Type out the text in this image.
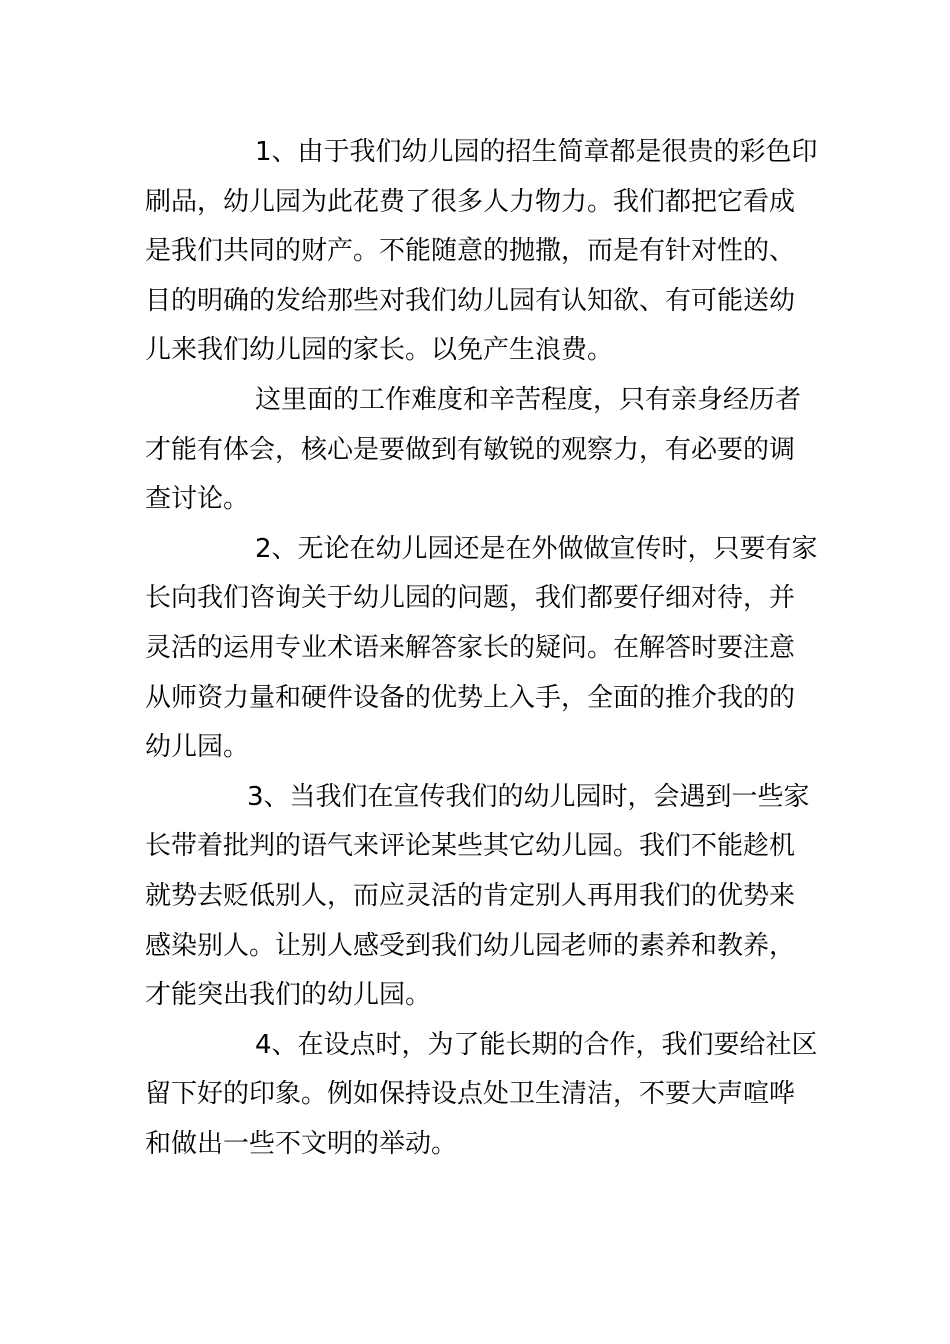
1、由于我们幼儿园的招生简章都是很贵的彩色印
刷品，幼儿园为此花费了很多人力物力。我们都把它看成
是我们共同的财产。不能随意的抛撒，而是有针对性的、
目的明确的发给那些对我们幼儿园有认知欲、有可能送幼
儿来我们幼儿园的家长。以免产生浪费。
这里面的工作难度和辛苦程度，只有亲身经历者
才能有体会，核心是要做到有敏锐的观察力，有必要的调
查讨论。
2、无论在幼儿园还是在外做做宣传时，只要有家
长向我们咨询关于幼儿园的问题，我们都要仔细对待，并
灵活的运用专业术语来解答家长的疑问。在解答时要注意
从师资力量和硬件设备的优势上入手，全面的推介我的的
幼儿园。
3、当我们在宣传我们的幼儿园时，会遇到一些家
长带着批判的语气来评论某些其它幼儿园。我们不能趁机
就势去贬低别人，而应灵活的肯定别人再用我们的优势来
感染别人。让别人感受到我们幼儿园老师的素养和教养，
才能突出我们的幼儿园。
4、在设点时，为了能长期的合作，我们要给社区
留下好的印象。例如保持设点处卫生清洁，不要大声喧哗
和做出一些不文明的举动。
